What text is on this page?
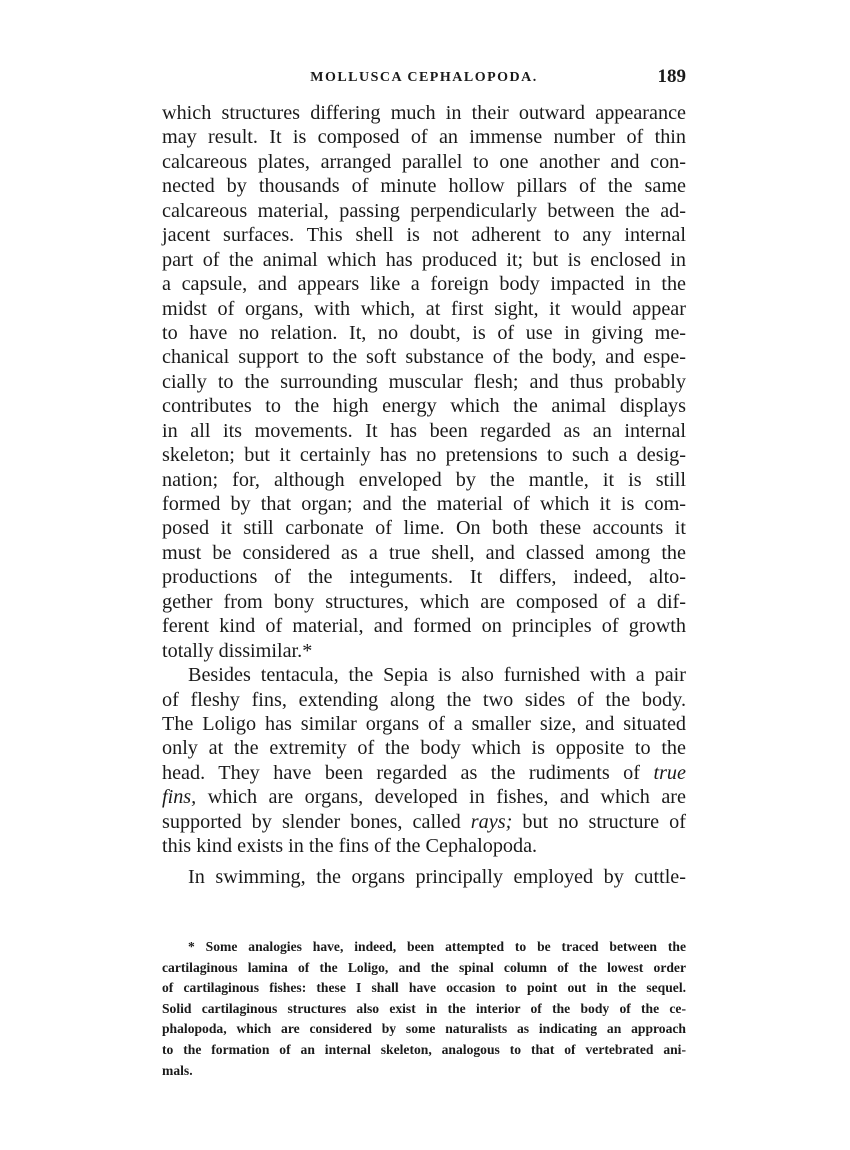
MOLLUSCA CEPHALOPODA.	189
which structures differing much in their outward appearance
may result. It is composed of an immense number of thin
calcareous plates, arranged parallel to one another and con-
nected by thousands of minute hollow pillars of the same
calcareous material, passing perpendicularly between the ad-
jacent surfaces. This shell is not adherent to any internal
part of the animal which has produced it; but is enclosed in
a capsule, and appears like a foreign body impacted in the
midst of organs, with which, at first sight, it would appear
to have no relation. It, no doubt, is of use in giving me-
chanical support to the soft substance of the body, and espe-
cially to the surrounding muscular flesh; and thus probably
contributes to the high energy which the animal displays
in all its movements. It has been regarded as an internal
skeleton; but it certainly has no pretensions to such a desig-
nation; for, although enveloped by the mantle, it is still
formed by that organ; and the material of which it is com-
posed it still carbonate of lime. On both these accounts it
must be considered as a true shell, and classed among the
productions of the integuments. It differs, indeed, alto-
gether from bony structures, which are composed of a dif-
ferent kind of material, and formed on principles of growth
totally dissimilar.*
Besides tentacula, the Sepia is also furnished with a pair
of fleshy fins, extending along the two sides of the body.
The Loligo has similar organs of a smaller size, and situated
only at the extremity of the body which is opposite to the
head. They have been regarded as the rudiments of true
fins, which are organs, developed in fishes, and which are
supported by slender bones, called rays; but no structure of
this kind exists in the fins of the Cephalopoda.
In swimming, the organs principally employed by cuttle-
* Some analogies have, indeed, been attempted to be traced between the
cartilaginous lamina of the Loligo, and the spinal column of the lowest order
of cartilaginous fishes: these I shall have occasion to point out in the sequel.
Solid cartilaginous structures also exist in the interior of the body of the ce-
phalopoda, which are considered by some naturalists as indicating an approach
to the formation of an internal skeleton, analogous to that of vertebrated ani-
mals.
